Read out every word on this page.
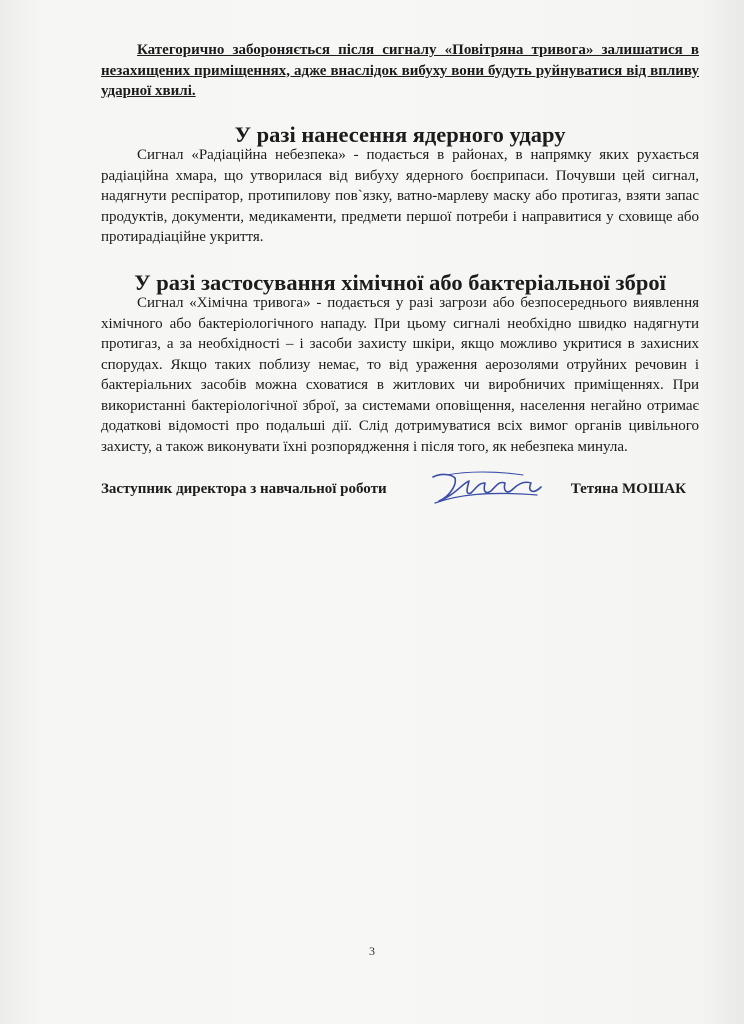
Категорично забороняється після сигналу «Повітряна тривога» залишатися в незахищених приміщеннях, адже внаслідок вибуху вони будуть руйнуватися від впливу ударної хвилі.

У разі нанесення ядерного удару

Сигнал «Радіаційна небезпека» - подається в районах, в напрямку яких рухається радіаційна хмара, що утворилася від вибуху ядерного боєприпаси. Почувши цей сигнал, надягнути респіратор, протипилову пов`язку, ватно-марлеву маску або протигаз, взяти запас продуктів, документи, медикаменти, предмети першої потреби і направитися у сховище або протирадіаційне укриття.

У разі застосування хімічної або бактеріальної зброї

Сигнал «Хімічна тривога» - подається у разі загрози або безпосереднього виявлення хімічного або бактеріологічного нападу. При цьому сигналі необхідно швидко надягнути протигаз, а за необхідності – і засоби захисту шкіри, якщо можливо укритися в захисних спорудах. Якщо таких поблизу немає, то від ураження аерозолями отруйних речовин і бактеріальних засобів можна сховатися в житлових чи виробничих приміщеннях. При використанні бактеріологічної зброї, за системами оповіщення, населення негайно отримає додаткові відомості про подальші дії. Слід дотримуватися всіх вимог органів цивільного захисту, а також виконувати їхні розпорядження і після того, як небезпека минула.

Заступник директора з навчальної роботи	Тетяна МОШАК
3
